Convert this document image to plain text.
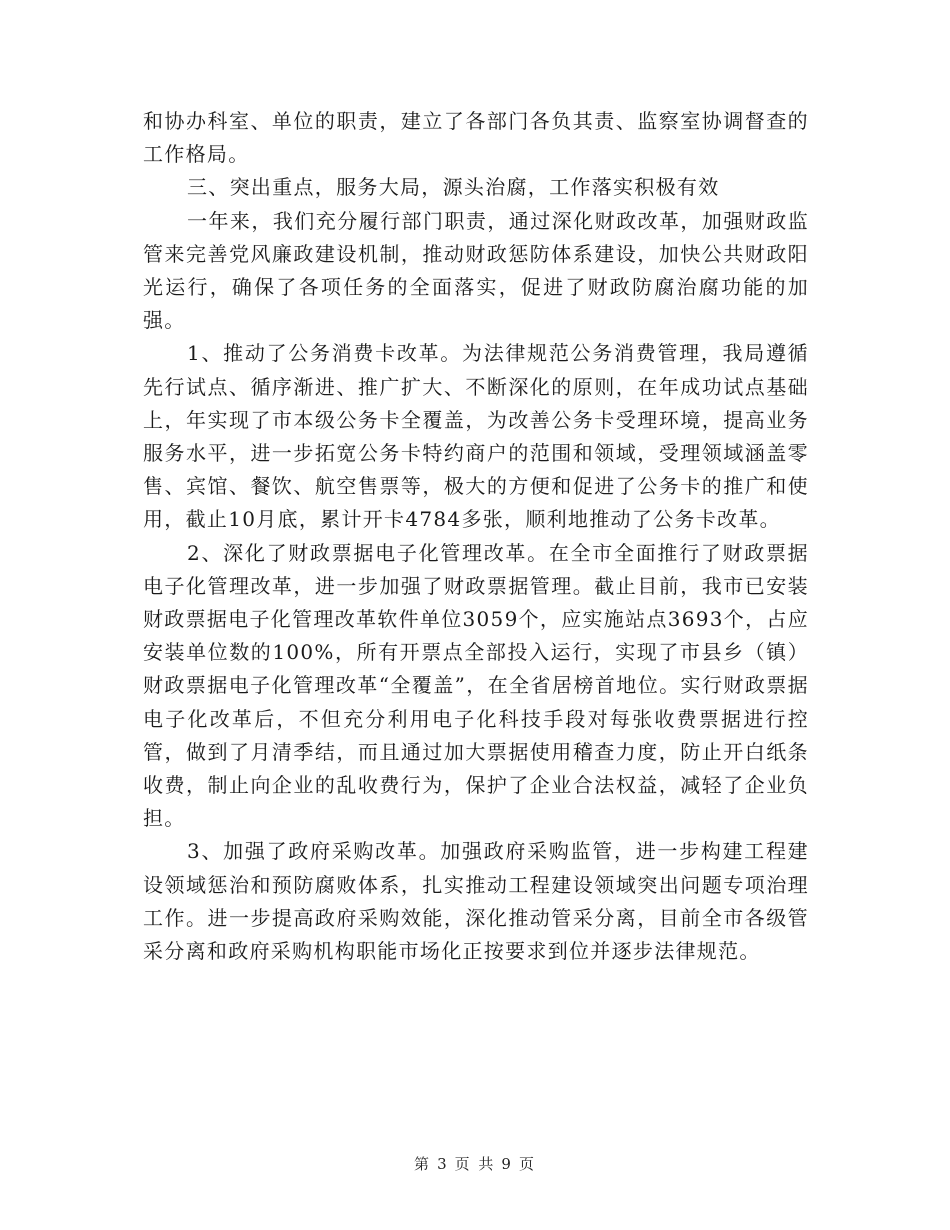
和协办科室、单位的职责，建立了各部门各负其责、监察室协调督查的工作格局。

三、突出重点，服务大局，源头治腐，工作落实积极有效

一年来，我们充分履行部门职责，通过深化财政改革，加强财政监管来完善党风廉政建设机制，推动财政惩防体系建设，加快公共财政阳光运行，确保了各项任务的全面落实，促进了财政防腐治腐功能的加强。

1、推动了公务消费卡改革。为法律规范公务消费管理，我局遵循先行试点、循序渐进、推广扩大、不断深化的原则，在年成功试点基础上，年实现了市本级公务卡全覆盖，为改善公务卡受理环境，提高业务服务水平，进一步拓宽公务卡特约商户的范围和领域，受理领域涵盖零售、宾馆、餐饮、航空售票等，极大的方便和促进了公务卡的推广和使用，截止10月底，累计开卡4784多张，顺利地推动了公务卡改革。

2、深化了财政票据电子化管理改革。在全市全面推行了财政票据电子化管理改革，进一步加强了财政票据管理。截止目前，我市已安装财政票据电子化管理改革软件单位3059个，应实施站点3693个，占应安装单位数的100%，所有开票点全部投入运行，实现了市县乡（镇）财政票据电子化管理改革“全覆盖”，在全省居榜首地位。实行财政票据电子化改革后，不但充分利用电子化科技手段对每张收费票据进行控管，做到了月清季结，而且通过加大票据使用稽查力度，防止开白纸条收费，制止向企业的乱收费行为，保护了企业合法权益，减轻了企业负担。

3、加强了政府采购改革。加强政府采购监管，进一步构建工程建设领域惩治和预防腐败体系，扎实推动工程建设领域突出问题专项治理工作。进一步提高政府采购效能，深化推动管采分离，目前全市各级管采分离和政府采购机构职能市场化正按要求到位并逐步法律规范。

第 3 页 共 9 页
